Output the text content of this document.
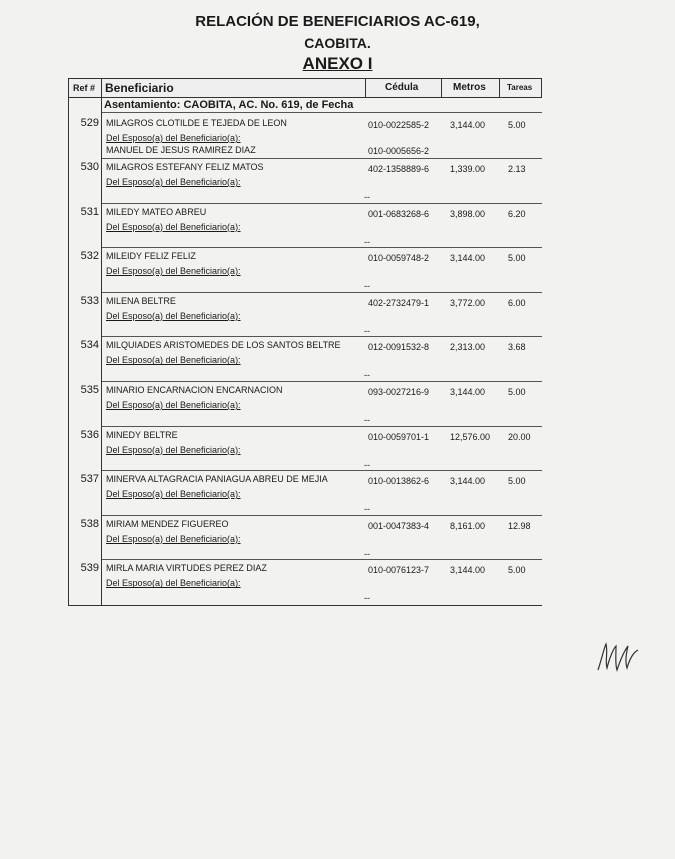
RELACIÓN DE BENEFICIARIOS AC-619,
CAOBITA.
ANEXO I
Ref # Beneficiario	Cédula	Metros	Tareas
Asentamiento: CAOBITA, AC. No. 619, de Fecha
529 MILAGROS CLOTILDE E TEJEDA DE LEON	010-0022585-2 3,144.00	5.00
Del Esposo(a) del Beneficiario(a):
MANUEL DE JESUS RAMIREZ DIAZ	010-0005656-2
530 MILAGROS ESTEFANY FELIZ MATOS	402-1358889-6 1,339.00	2.13
Del Esposo(a) del Beneficiario(a):
--
531 MILEDY MATEO ABREU	001-0683268-6 3,898.00	6.20
Del Esposo(a) del Beneficiario(a):
--
532 MILEIDY FELIZ FELIZ	010-0059748-2 3,144.00	5.00
Del Esposo(a) del Beneficiario(a):
--
533 MILENA BELTRE	402-2732479-1 3,772.00	6.00
Del Esposo(a) del Beneficiario(a):
--
534 MILQUIADES ARISTOMEDES DE LOS SANTOS BELTRE	012-0091532-8 2,313.00	3.68
Del Esposo(a) del Beneficiario(a):
--
535 MINARIO ENCARNACION ENCARNACION	093-0027216-9 3,144.00	5.00
Del Esposo(a) del Beneficiario(a):
--
536 MINEDY BELTRE	010-0059701-1 12,576.00 20.00
Del Esposo(a) del Beneficiario(a):
--
537 MINERVA ALTAGRACIA PANIAGUA ABREU DE MEJIA	010-0013862-6 3,144.00	5.00
Del Esposo(a) del Beneficiario(a):
--
538 MIRIAM MENDEZ FIGUEREO	001-0047383-4 8,161.00	12.98
Del Esposo(a) del Beneficiario(a):
--
539 MIRLA MARIA VIRTUDES PEREZ DIAZ	010-0076123-7 3,144.00	5.00
Del Esposo(a) del Beneficiario(a):
--
